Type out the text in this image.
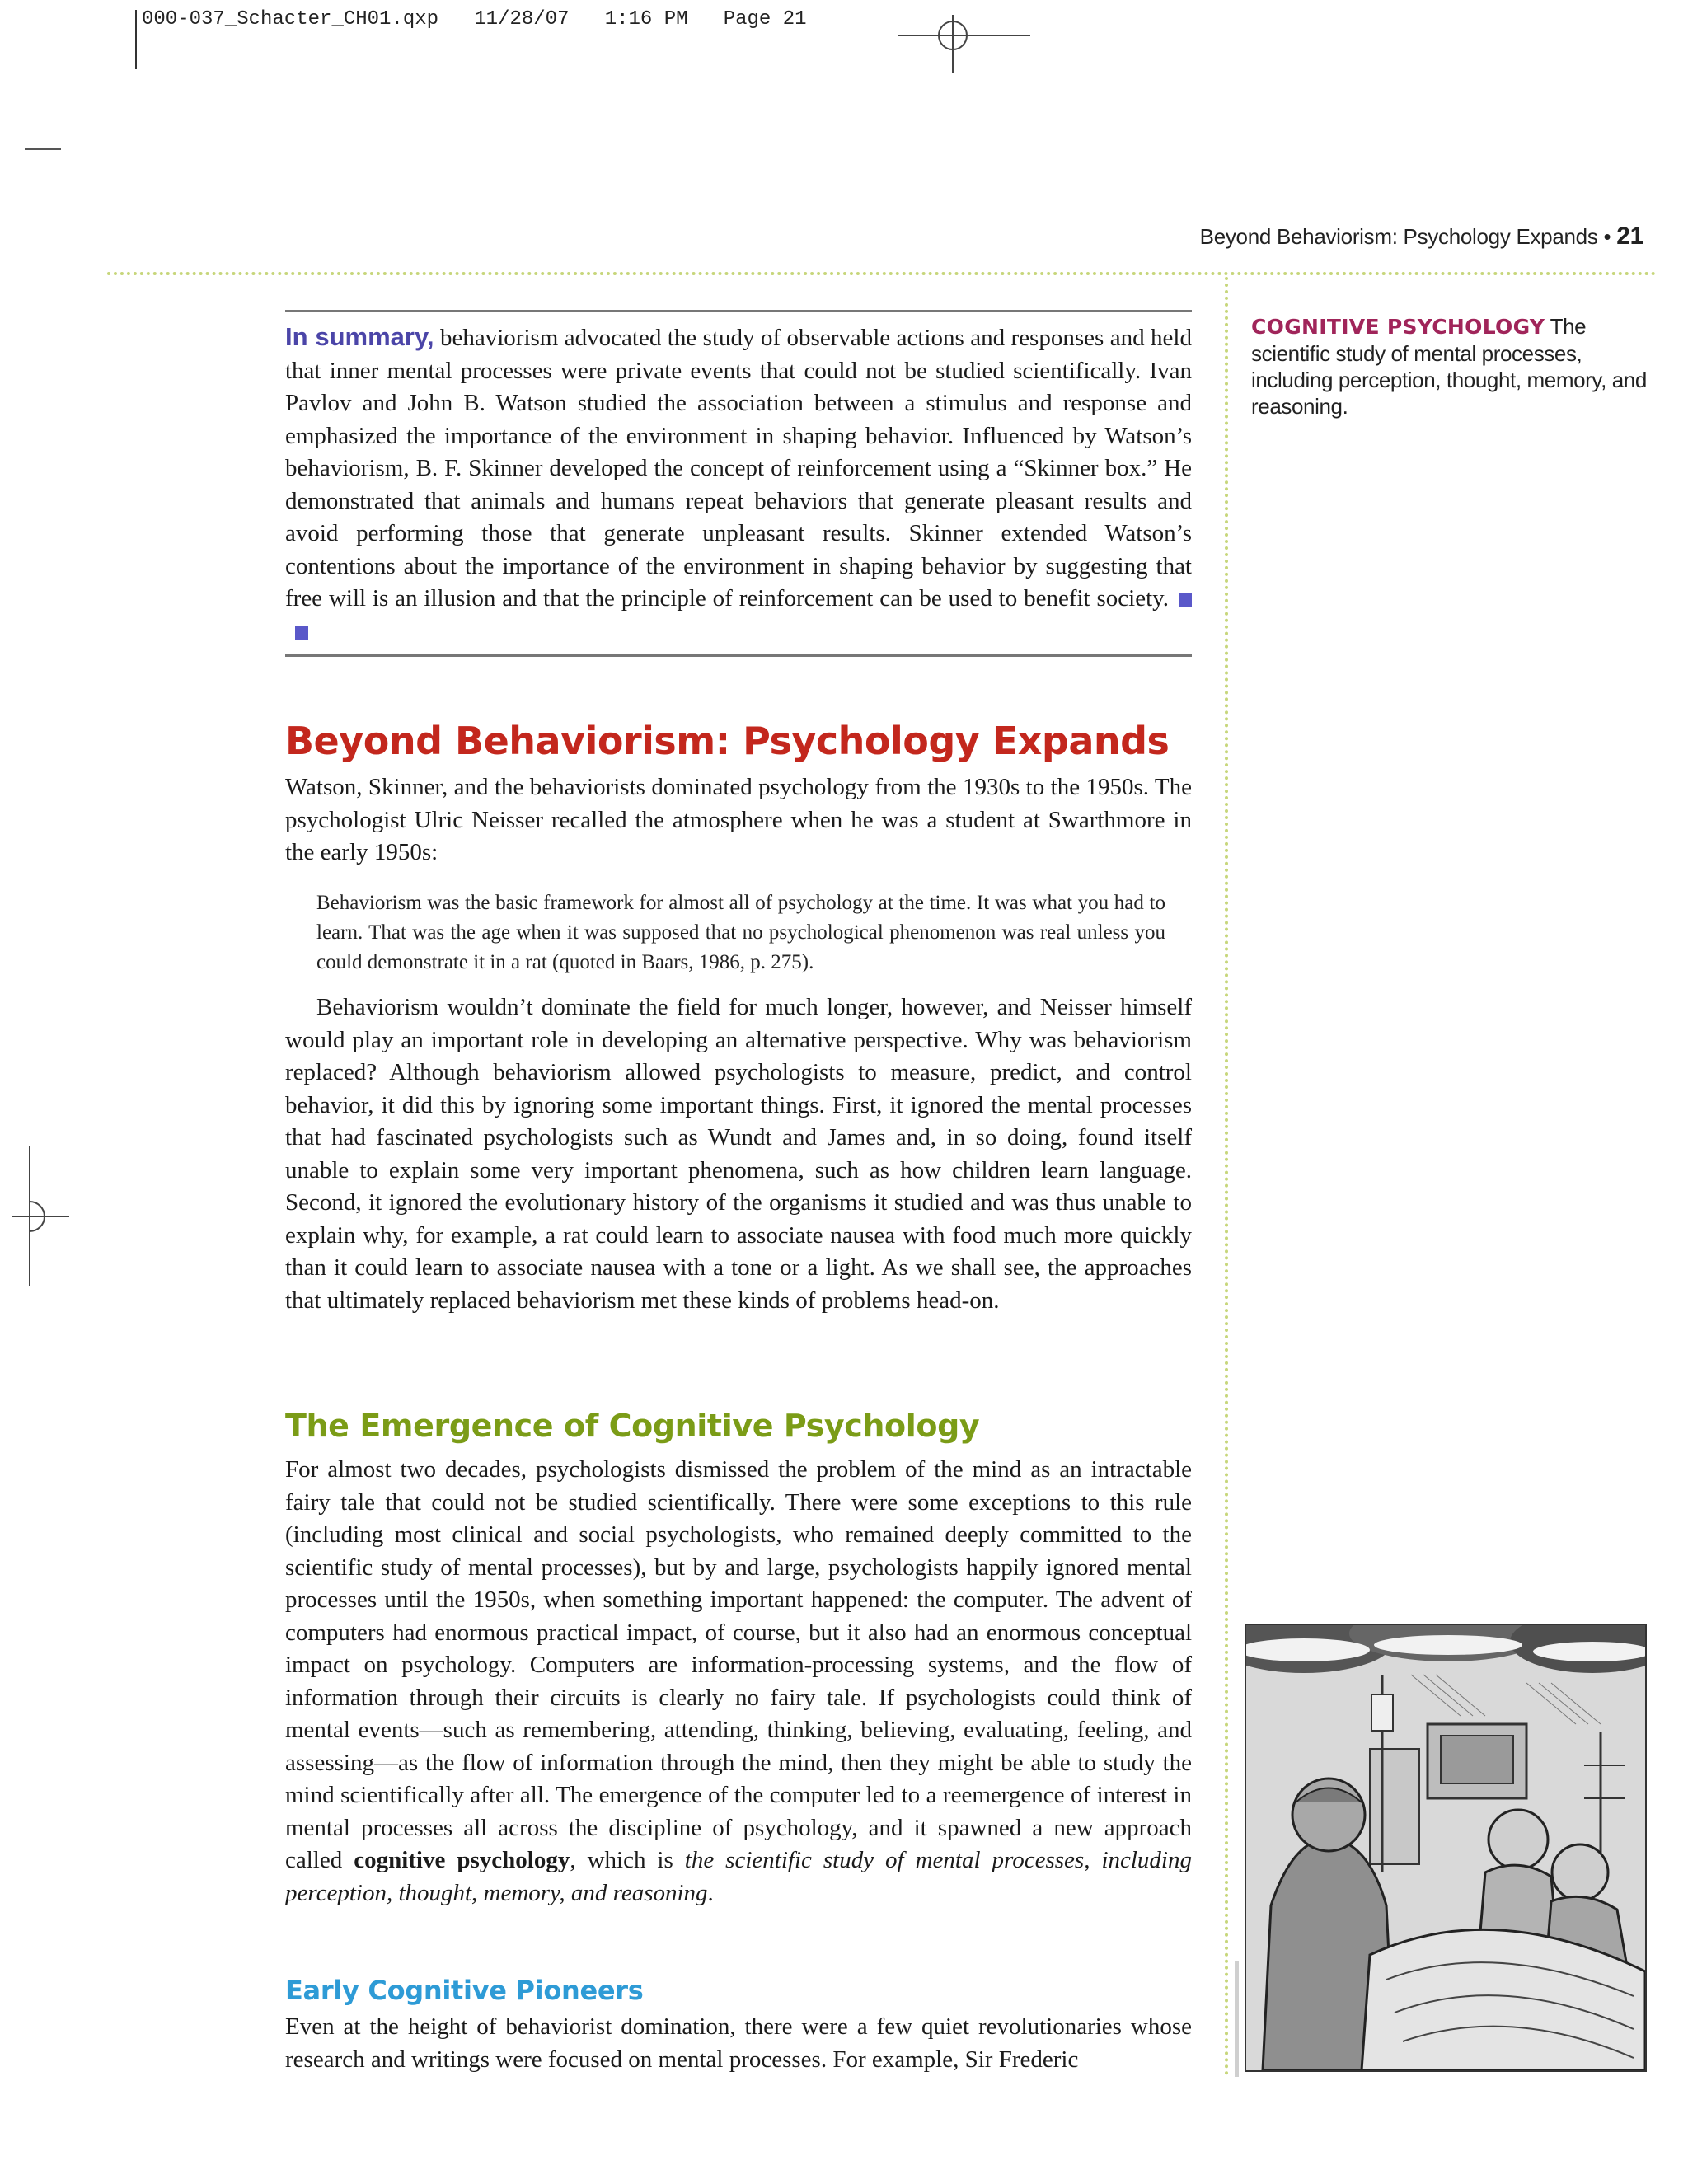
000-037_Schacter_CH01.qxp   11/28/07   1:16 PM   Page 21
Beyond Behaviorism: Psychology Expands • 21
In summary, behaviorism advocated the study of observable actions and responses and held that inner mental processes were private events that could not be studied scientifically. Ivan Pavlov and John B. Watson studied the association between a stimulus and response and emphasized the importance of the environment in shaping behavior. Influenced by Watson’s behaviorism, B. F. Skinner developed the concept of reinforcement using a “Skinner box.” He demonstrated that animals and humans repeat behaviors that generate pleasant results and avoid performing those that generate unpleasant results. Skinner extended Watson’s contentions about the importance of the environment in shaping behavior by suggesting that free will is an illusion and that the principle of reinforcement can be used to benefit society.
Beyond Behaviorism: Psychology Expands

Watson, Skinner, and the behaviorists dominated psychology from the 1930s to the 1950s. The psychologist Ulric Neisser recalled the atmosphere when he was a student at Swarthmore in the early 1950s:

Behaviorism was the basic framework for almost all of psychology at the time. It was what you had to learn. That was the age when it was supposed that no psychological phenomenon was real unless you could demonstrate it in a rat (quoted in Baars, 1986, p. 275).

Behaviorism wouldn’t dominate the field for much longer, however, and Neisser himself would play an important role in developing an alternative perspective. Why was behaviorism replaced? Although behaviorism allowed psychologists to measure, predict, and control behavior, it did this by ignoring some important things. First, it ignored the mental processes that had fascinated psychologists such as Wundt and James and, in so doing, found itself unable to explain some very important phenomena, such as how children learn language. Second, it ignored the evolutionary history of the organisms it studied and was thus unable to explain why, for example, a rat could learn to associate nausea with food much more quickly than it could learn to associate nausea with a tone or a light. As we shall see, the approaches that ultimately replaced behaviorism met these kinds of problems head-on.

The Emergence of Cognitive Psychology

For almost two decades, psychologists dismissed the problem of the mind as an intractable fairy tale that could not be studied scientifically. There were some exceptions to this rule (including most clinical and social psychologists, who remained deeply committed to the scientific study of mental processes), but by and large, psychologists happily ignored mental processes until the 1950s, when something important happened: the computer. The advent of computers had enormous practical impact, of course, but it also had an enormous conceptual impact on psychology. Computers are information-processing systems, and the flow of information through their circuits is clearly no fairy tale. If psychologists could think of mental events—such as remembering, attending, thinking, believing, evaluating, feeling, and assessing—as the flow of information through the mind, then they might be able to study the mind scientifically after all. The emergence of the computer led to a reemergence of interest in mental processes all across the discipline of psychology, and it spawned a new approach called cognitive psychology, which is the scientific study of mental processes, including perception, thought, memory, and reasoning.

Early Cognitive Pioneers

Even at the height of behaviorist domination, there were a few quiet revolutionaries whose research and writings were focused on mental processes. For example, Sir Frederic

COGNITIVE PSYCHOLOGY The scientific study of mental processes, including perception, thought, memory, and reasoning.
